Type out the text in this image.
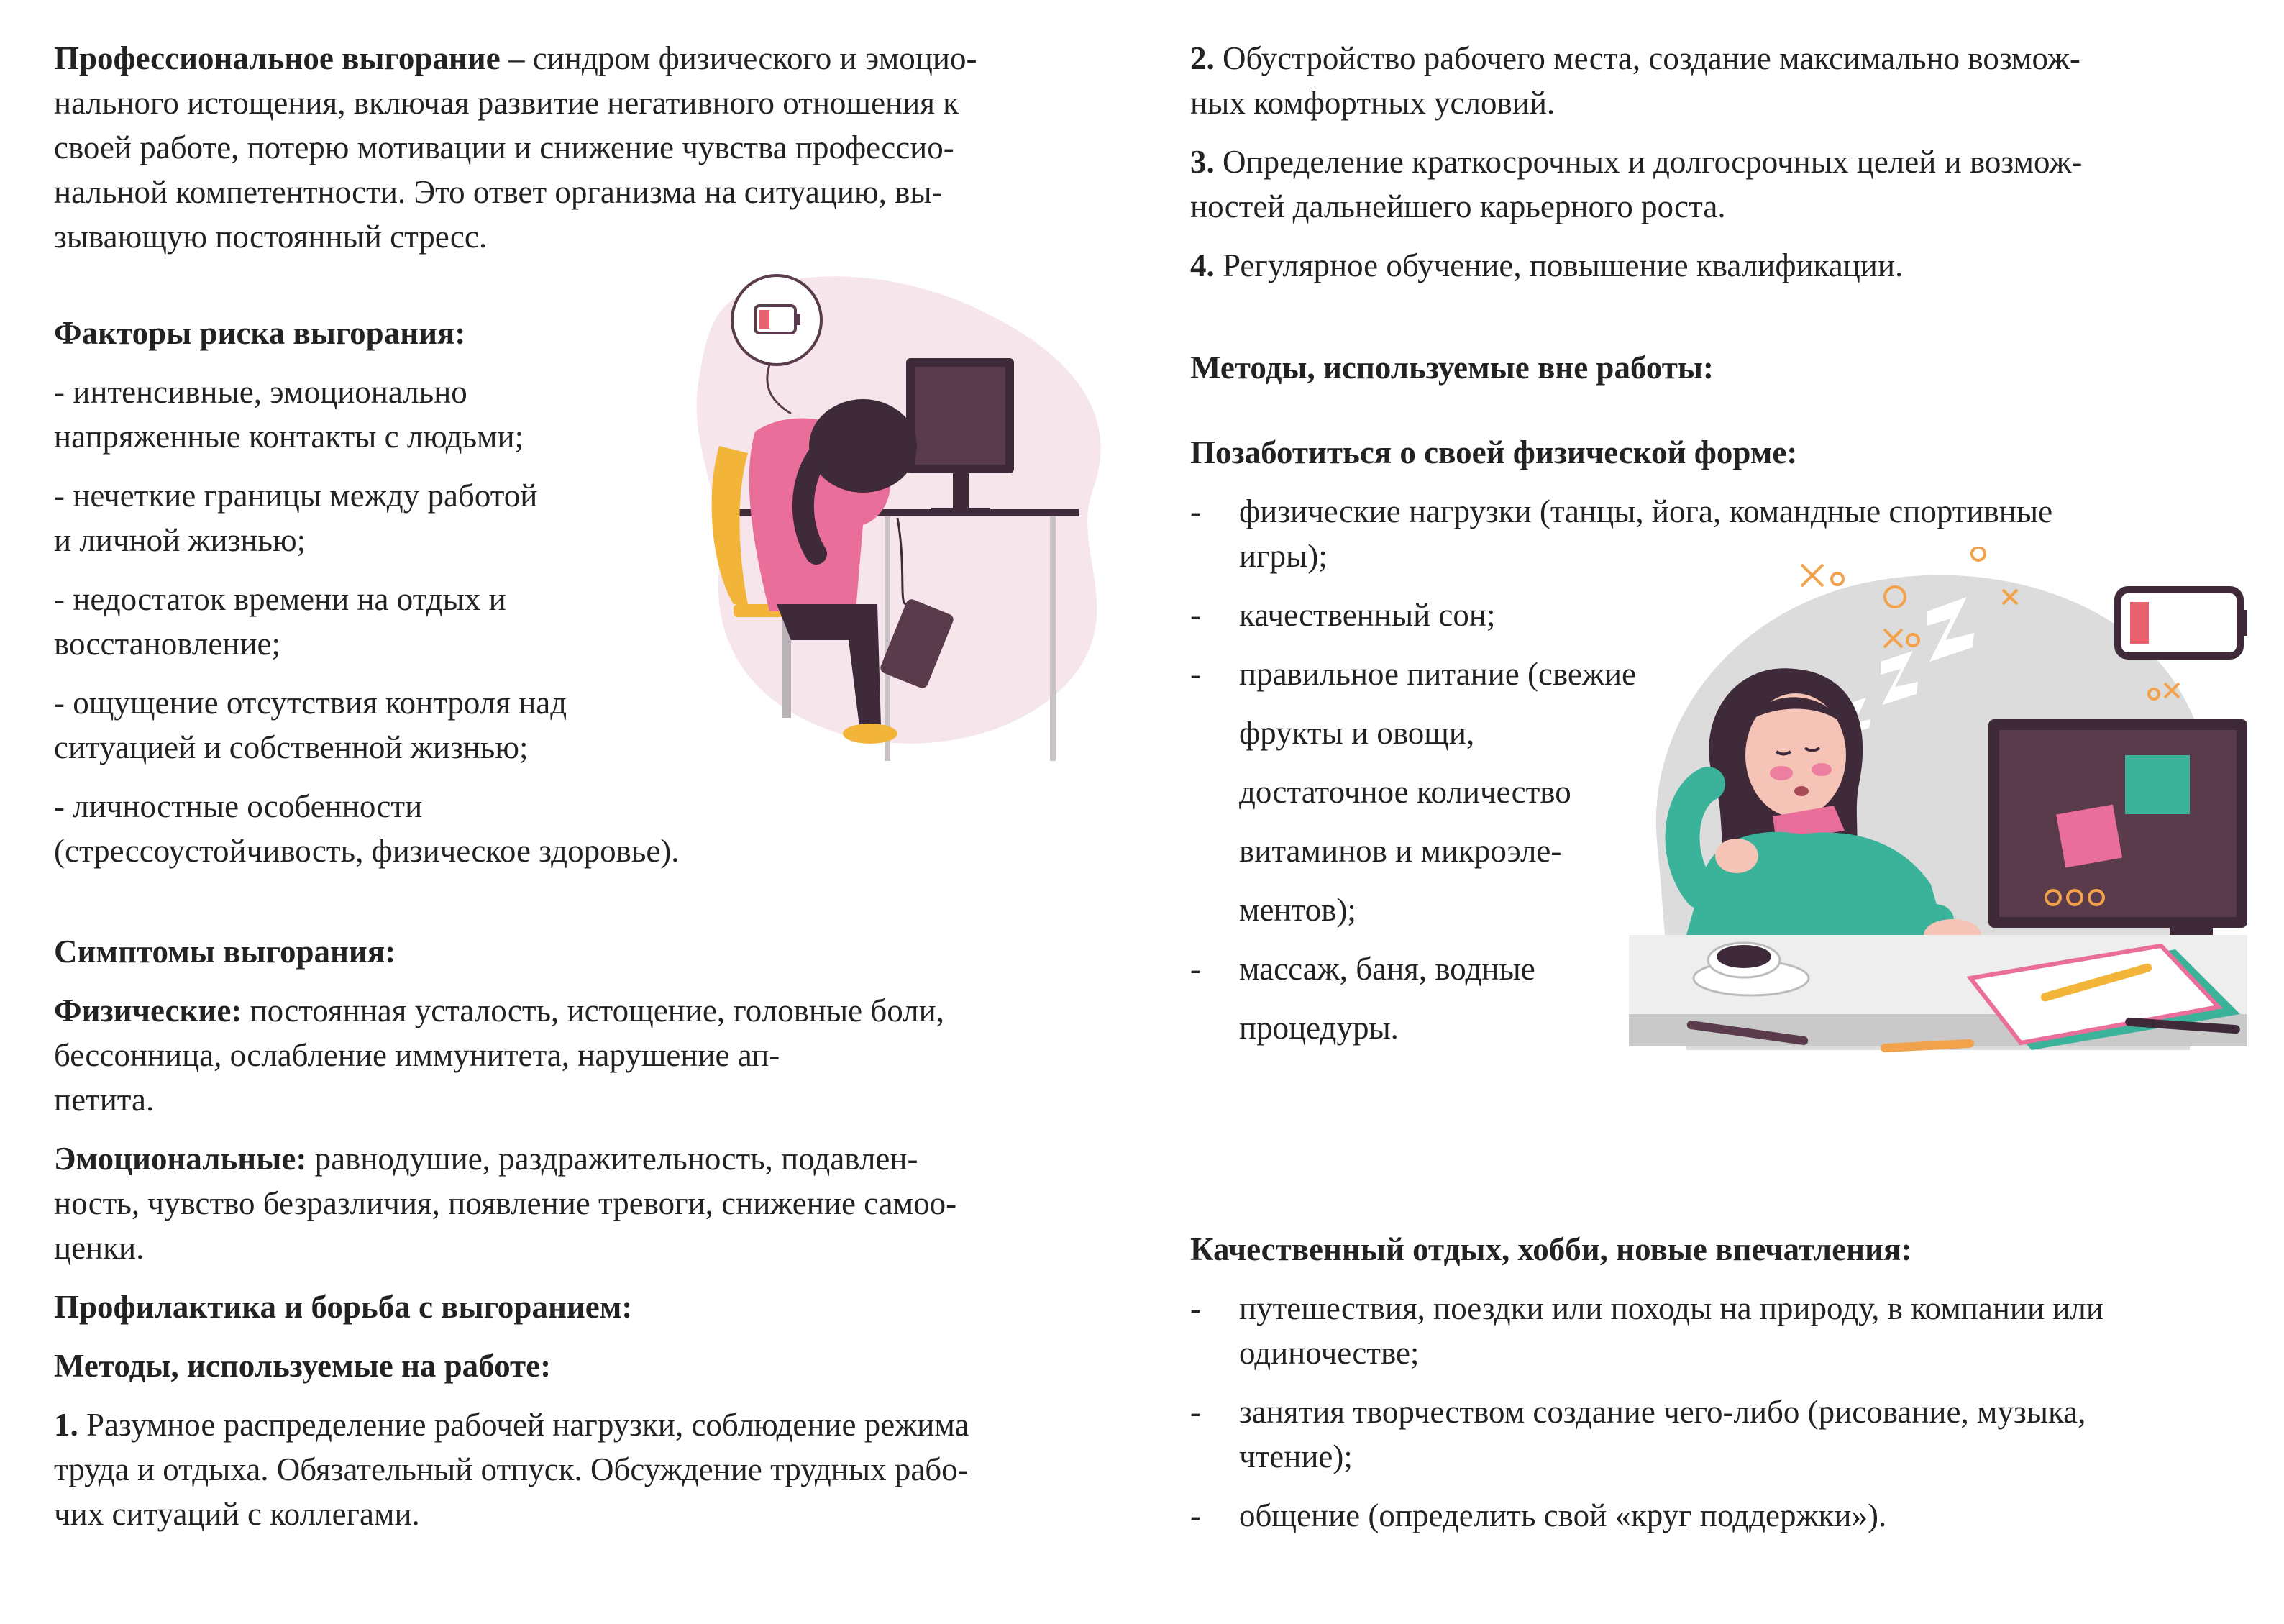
Профессиональное выгорание – синдром физического и эмоцио-

нального истощения, включая развитие негативного отношения к

своей работе, потерю мотивации и снижение чувства профессио-

нальной компетентности. Это ответ организма на ситуацию, вы-

зывающую постоянный стресс.

Факторы риска выгорания:

- интенсивные, эмоционально

напряженные контакты с людьми;

- нечеткие границы между работой

и личной жизнью;

- недостаток времени на отдых и

восстановление;

- ощущение отсутствия контроля над

ситуацией и собственной жизнью;

- личностные особенности

(стрессоустойчивость, физическое здоровье).

Симптомы выгорания:

Физические: постоянная усталость, истощение, головные боли,

бессонница, ослабление иммунитета, нарушение ап-

петита.

Эмоциональные: равнодушие, раздражительность, подавлен-

ность, чувство безразличия, появление тревоги, снижение самоо-

ценки.

Профилактика и борьба с выгоранием:

Методы, используемые на работе:

1. Разумное распределение рабочей нагрузки, соблюдение режима

труда и отдыха. Обязательный отпуск. Обсуждение трудных рабо-

чих ситуаций с коллегами.

2. Обустройство рабочего места, создание максимально возмож-

ных комфортных условий.

3. Определение краткосрочных и долгосрочных целей и возмож-

ностей дальнейшего карьерного роста.

4. Регулярное обучение, повышение квалификации.

Методы, используемые вне работы:

Позаботиться о своей физической форме:

- физические нагрузки (танцы, йога, командные спортивные

игры);

- качественный сон;

- правильное питание (свежие

фрукты и овощи,

достаточное количество

витаминов и микроэле-

ментов);

- массаж, баня, водные

процедуры.

Качественный отдых, хобби, новые впечатления:

- путешествия, поездки или походы на природу, в компании или

одиночестве;

- занятия творчеством создание чего-либо (рисование, музыка,

чтение);

- общение (определить свой «круг поддержки»).
